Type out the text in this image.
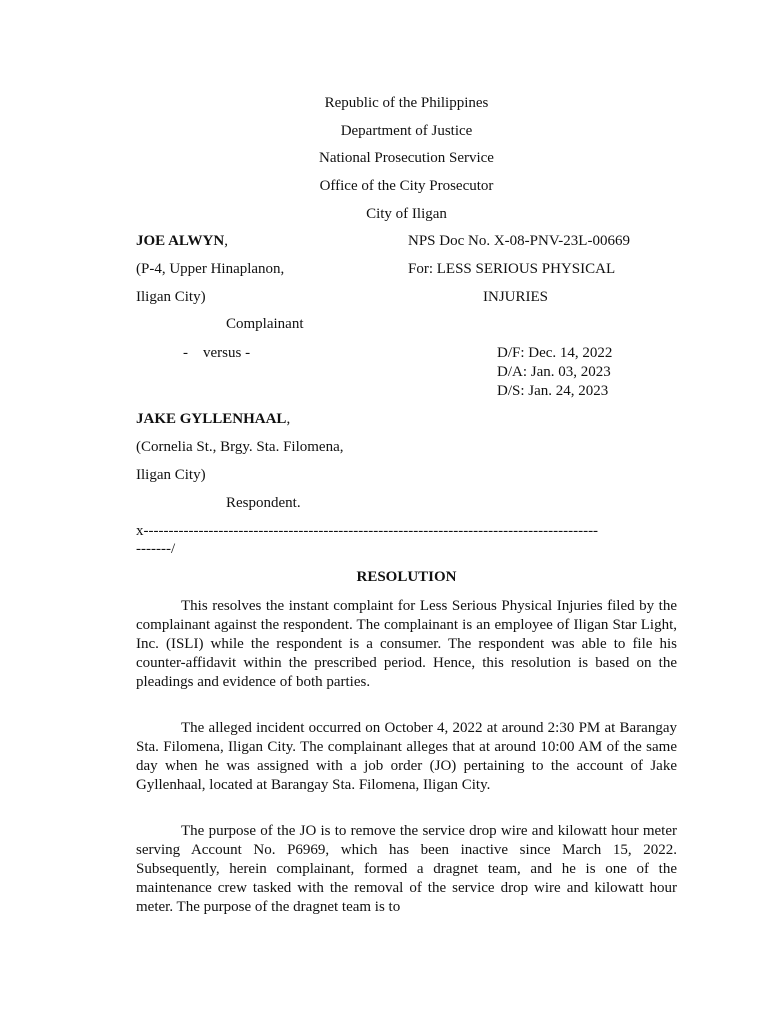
Republic of the Philippines
Department of Justice
National Prosecution Service
Office of the City Prosecutor
City of Iligan
JOE ALWYN,	NPS Doc No. X-08-PNV-23L-00669
(P-4, Upper Hinaplanon,	For: LESS SERIOUS PHYSICAL
Iligan City)	INJURIES
Complainant
-    versus -	D/F: Dec. 14, 2022
D/A: Jan. 03, 2023
D/S: Jan. 24, 2023
JAKE GYLLENHAAL,
(Cornelia St., Brgy. Sta. Filomena,
Iligan City)
Respondent.
x-------------------------------------------------------------------------------------------
-------/
RESOLUTION

This resolves the instant complaint for Less Serious Physical Injuries filed by the complainant against the respondent. The complainant is an employee of Iligan Star Light, Inc. (ISLI) while the respondent is a consumer. The respondent was able to file his counter-affidavit within the prescribed period. Hence, this resolution is based on the pleadings and evidence of both parties.

The alleged incident occurred on October 4, 2022 at around 2:30 PM at Barangay Sta. Filomena, Iligan City. The complainant alleges that at around 10:00 AM of the same day when he was assigned with a job order (JO) pertaining to the account of Jake Gyllenhaal, located at Barangay Sta. Filomena, Iligan City.

The purpose of the JO is to remove the service drop wire and kilowatt hour meter serving Account No. P6969, which has been inactive since March 15, 2022. Subsequently, herein complainant, formed a dragnet team, and he is one of the maintenance crew tasked with the removal of the service drop wire and kilowatt hour meter. The purpose of the dragnet team is to
